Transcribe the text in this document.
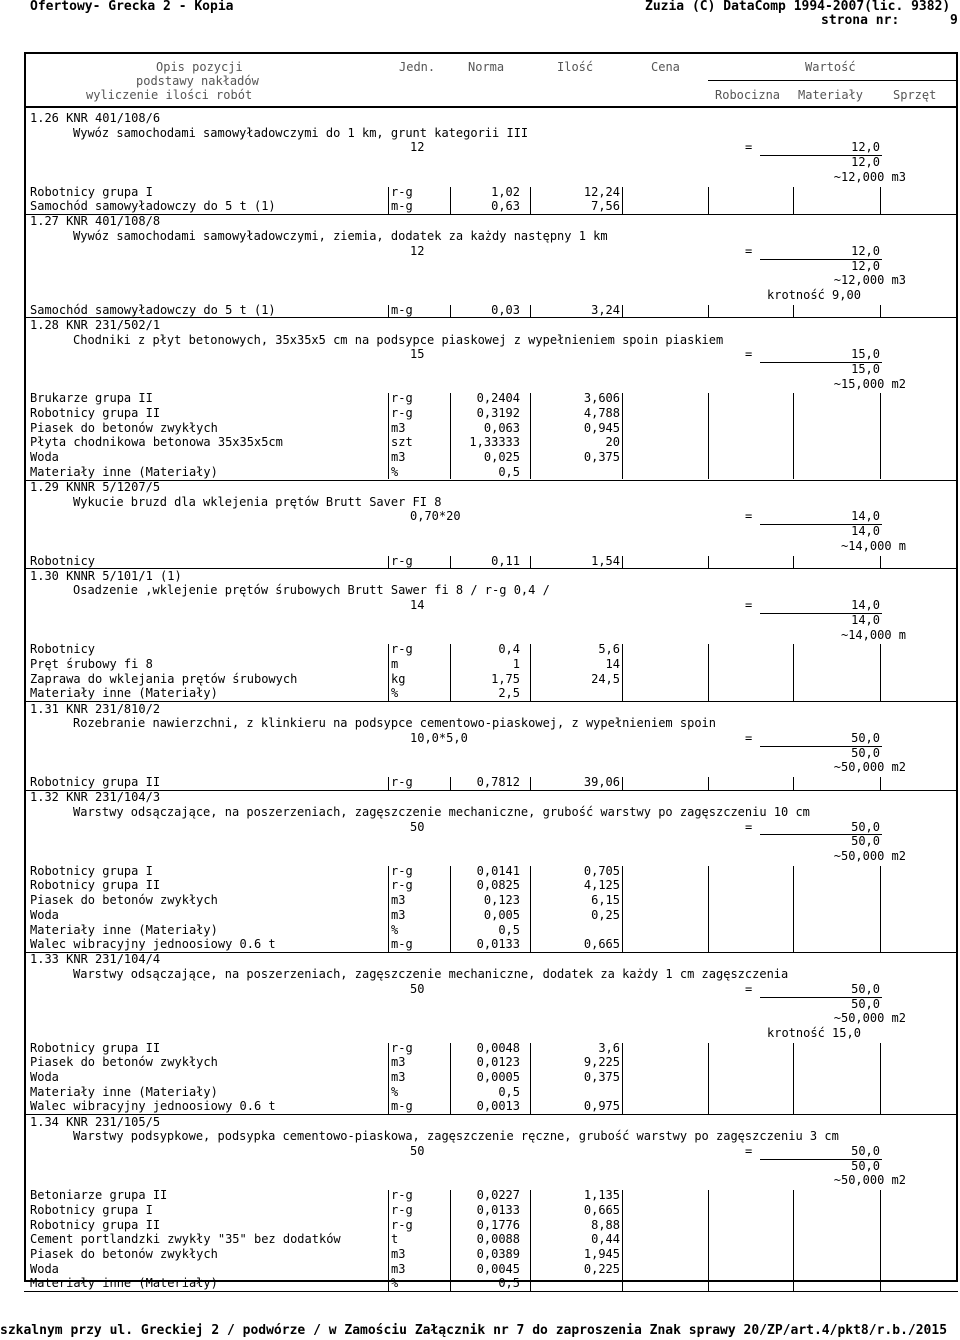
Ofertowy- Grecka 2 - Kopia	Zuzia (C) DataComp 1994-2007(lic. 9382)
strona nr:	9
Opis pozycji
podstawy nakładów
wyliczenie ilości robót
Jedn.	Norma	Ilość	Cena	Wartość
Robocizna Materiały Sprzęt
1.26 KNR 401/108/6
Wywóz samochodami samowyładowczymi do 1 km, grunt kategorii III
12	=	12,0
12,0
~12,000 m3
Robotnicy grupa I	r-g	1,02	12,24
Samochód samowyładowczy do 5 t (1)	m-g	0,63	7,56
1.27 KNR 401/108/8
Wywóz samochodami samowyładowczymi, ziemia, dodatek za każdy następny 1 km
12	=	12,0
12,0
~12,000 m3
krotność 9,00
Samochód samowyładowczy do 5 t (1)	m-g	0,03	3,24
1.28 KNR 231/502/1
Chodniki z płyt betonowych, 35x35x5 cm na podsypce piaskowej z wypełnieniem spoin piaskiem
15	=	15,0
15,0
~15,000 m2
Brukarze grupa II	r-g	0,2404	3,606
Robotnicy grupa II	r-g	0,3192	4,788
Piasek do betonów zwykłych	m3	0,063	0,945
Płyta chodnikowa betonowa 35x35x5cm	szt	1,33333	20
Woda	m3	0,025	0,375
Materiały inne (Materiały)	%	0,5
1.29 KNNR 5/1207/5
Wykucie bruzd dla wklejenia prętów Brutt Saver FI 8
0,70*20	=	14,0
14,0
~14,000 m
Robotnicy	r-g	0,11	1,54
1.30 KNNR 5/101/1 (1)
Osadzenie ,wklejenie prętów śrubowych Brutt Sawer fi 8 / r-g 0,4 /
14	=	14,0
14,0
~14,000 m
Robotnicy	r-g	0,4	5,6
Pręt śrubowy fi 8	m	1	14
Zaprawa do wklejania prętów śrubowych	kg	1,75	24,5
Materiały inne (Materiały)	%	2,5
1.31 KNR 231/810/2
Rozebranie nawierzchni, z klinkieru na podsypce cementowo-piaskowej, z wypełnieniem spoin
10,0*5,0	=	50,0
50,0
~50,000 m2
Robotnicy grupa II	r-g	0,7812	39,06
1.32 KNR 231/104/3
Warstwy odsączające, na poszerzeniach, zagęszczenie mechaniczne, grubość warstwy po zagęszczeniu 10 cm
50	=	50,0
50,0
~50,000 m2
Robotnicy grupa I	r-g	0,0141	0,705
Robotnicy grupa II	r-g	0,0825	4,125
Piasek do betonów zwykłych	m3	0,123	6,15
Woda	m3	0,005	0,25
Materiały inne (Materiały)	%	0,5
Walec wibracyjny jednoosiowy 0.6 t	m-g	0,0133	0,665
1.33 KNR 231/104/4
Warstwy odsączające, na poszerzeniach, zagęszczenie mechaniczne, dodatek za każdy 1 cm zagęszczenia
50	=	50,0
50,0
~50,000 m2
krotność 15,0
Robotnicy grupa II	r-g	0,0048	3,6
Piasek do betonów zwykłych	m3	0,0123	9,225
Woda	m3	0,0005	0,375
Materiały inne (Materiały)	%	0,5
Walec wibracyjny jednoosiowy 0.6 t	m-g	0,0013	0,975
1.34 KNR 231/105/5
Warstwy podsypkowe, podsypka cementowo-piaskowa, zagęszczenie ręczne, grubość warstwy po zagęszczeniu 3 cm
50	=	50,0
50,0
~50,000 m2
Betoniarze grupa II	r-g	0,0227	1,135
Robotnicy grupa I	r-g	0,0133	0,665
Robotnicy grupa II	r-g	0,1776	8,88
Cement portlandzki zwykły "35" bez dodatków	t	0,0088	0,44
Piasek do betonów zwykłych	m3	0,0389	1,945
Woda	m3	0,0045	0,225
Materiały inne (Materiały)	%	0,5
szkalnym przy ul. Greckiej 2 / podwórze / w Zamościu Załącznik nr 7 do zaproszenia Znak sprawy 20/ZP/art.4/pkt8/r.b./2015
